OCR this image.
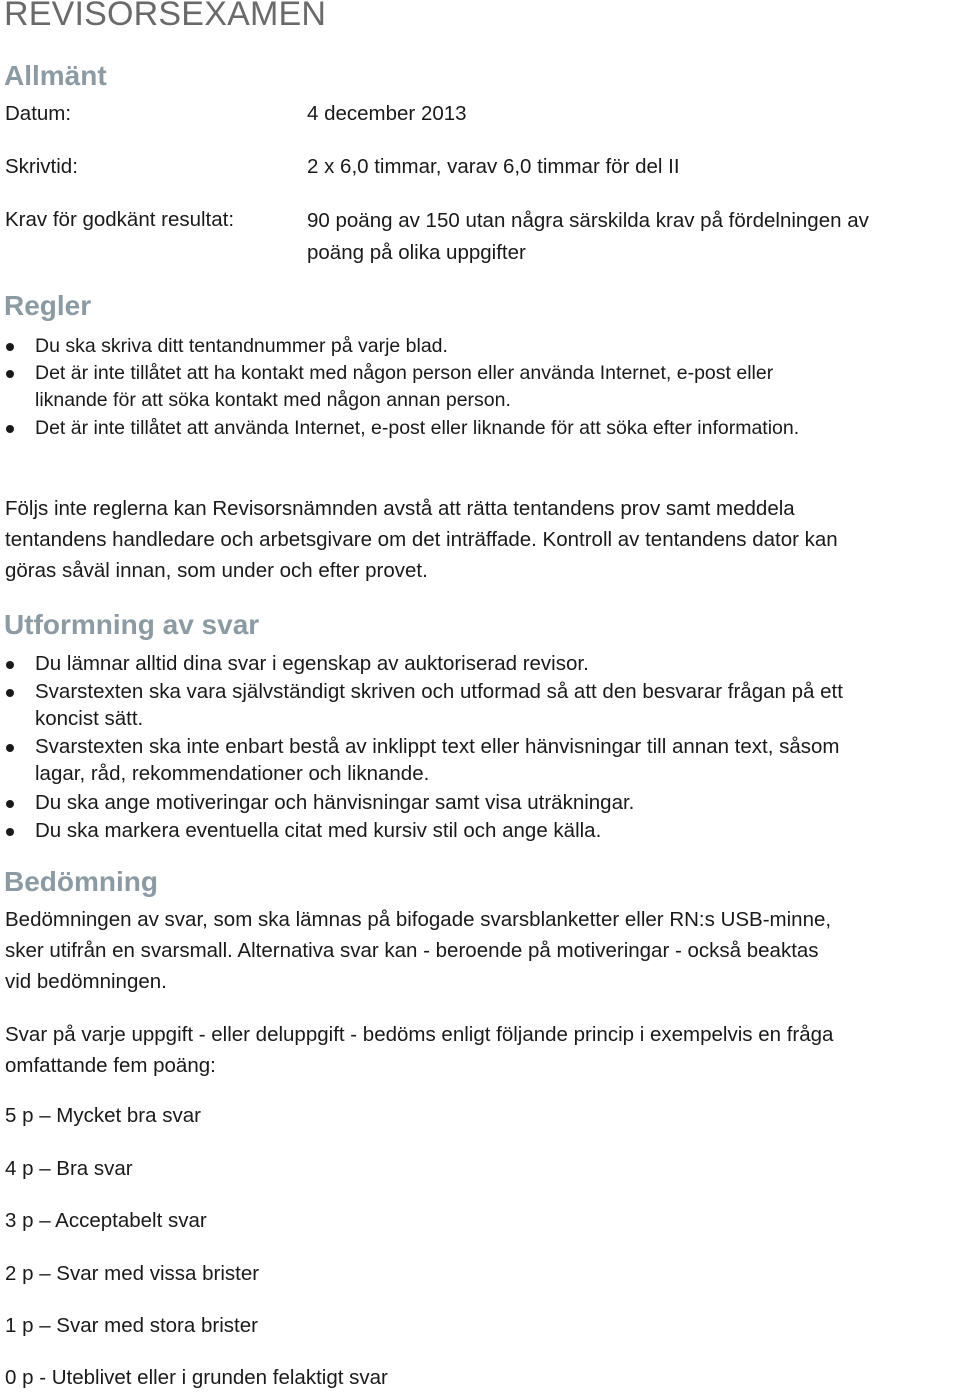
REVISORSEXAMEN
Allmänt
Datum:	4 december 2013
Skrivtid:	2 x 6,0 timmar, varav 6,0 timmar för del II
Krav för godkänt resultat:	90 poäng av 150 utan några särskilda krav på fördelningen av
poäng på olika uppgifter
Regler
Du ska skriva ditt tentandnummer på varje blad.
Det är inte tillåtet att ha kontakt med någon person eller använda Internet, e-post eller
liknande för att söka kontakt med någon annan person.
Det är inte tillåtet att använda Internet, e-post eller liknande för att söka efter information.
Följs inte reglerna kan Revisorsnämnden avstå att rätta tentandens prov samt meddela
tentandens handledare och arbetsgivare om det inträffade. Kontroll av tentandens dator kan
göras såväl innan, som under och efter provet.
Utformning av svar
Du lämnar alltid dina svar i egenskap av auktoriserad revisor.
Svarstexten ska vara självständigt skriven och utformad så att den besvarar frågan på ett
koncist sätt.
Svarstexten ska inte enbart bestå av inklippt text eller hänvisningar till annan text, såsom
lagar, råd, rekommendationer och liknande.
Du ska ange motiveringar och hänvisningar samt visa uträkningar.
Du ska markera eventuella citat med kursiv stil och ange källa.
Bedömning
Bedömningen av svar, som ska lämnas på bifogade svarsblanketter eller RN:s USB-minne,
sker utifrån en svarsmall. Alternativa svar kan - beroende på motiveringar - också beaktas
vid bedömningen.
Svar på varje uppgift - eller deluppgift - bedöms enligt följande princip i exempelvis en fråga
omfattande fem poäng:
5 p – Mycket bra svar
4 p – Bra svar
3 p – Acceptabelt svar
2 p – Svar med vissa brister
1 p – Svar med stora brister
0 p - Uteblivet eller i grunden felaktigt svar
